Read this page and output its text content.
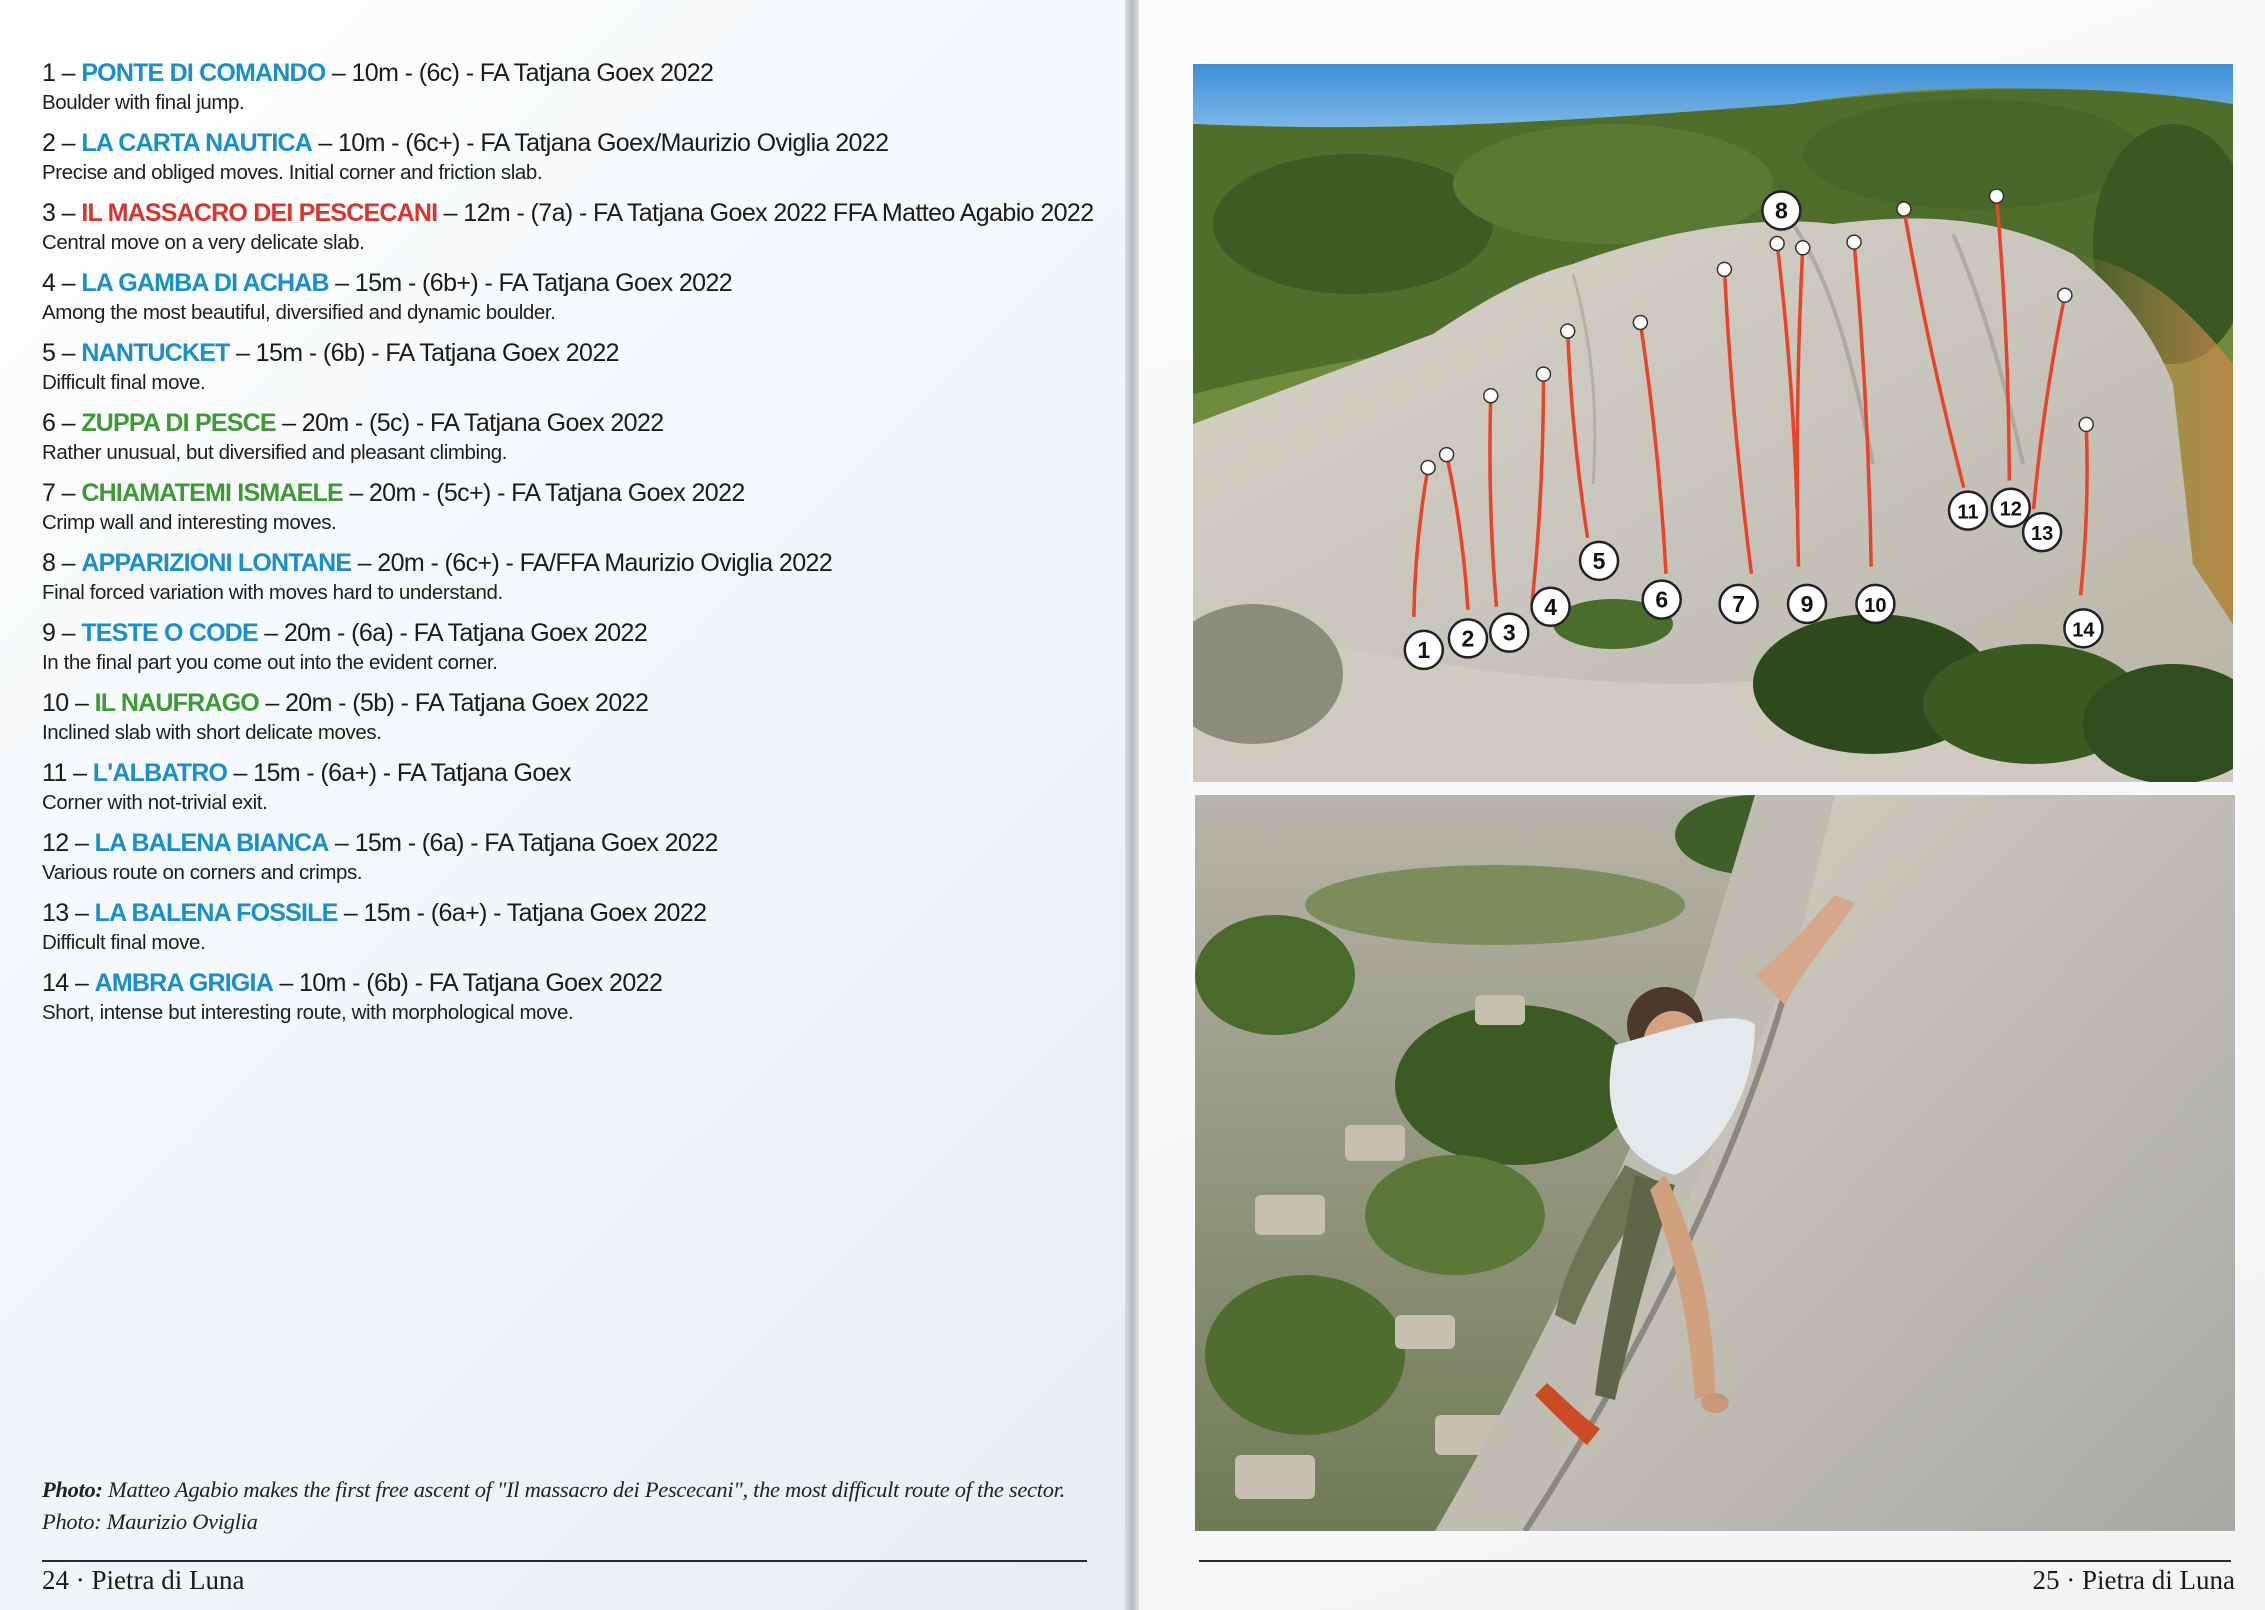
1 – PONTE DI COMANDO – 10m - (6c) - FA Tatjana Goex 2022
Boulder with final jump.
2 – LA CARTA NAUTICA – 10m - (6c+) - FA Tatjana Goex/Maurizio Oviglia 2022
Precise and obliged moves. Initial corner and friction slab.
3 – IL MASSACRO DEI PESCECANI – 12m - (7a) - FA Tatjana Goex 2022 FFA Matteo Agabio 2022
Central move on a very delicate slab.
4 – LA GAMBA DI ACHAB – 15m - (6b+) - FA Tatjana Goex 2022
Among the most beautiful, diversified and dynamic boulder.
5 – NANTUCKET – 15m - (6b) - FA Tatjana Goex 2022
Difficult final move.
6 – ZUPPA DI PESCE – 20m - (5c) - FA Tatjana Goex 2022
Rather unusual, but diversified and pleasant climbing.
7 – CHIAMATEMI ISMAELE – 20m - (5c+) - FA Tatjana Goex 2022
Crimp wall and interesting moves.
8 – APPARIZIONI LONTANE – 20m - (6c+) - FA/FFA Maurizio Oviglia 2022
Final forced variation with moves hard to understand.
9 – TESTE O CODE – 20m - (6a) - FA Tatjana Goex 2022
In the final part you come out into the evident corner.
10 – IL NAUFRAGO – 20m - (5b) - FA Tatjana Goex 2022
Inclined slab with short delicate moves.
11 – L'ALBATRO – 15m - (6a+) - FA Tatjana Goex
Corner with not-trivial exit.
12 – LA BALENA BIANCA – 15m - (6a) - FA Tatjana Goex 2022
Various route on corners and crimps.
13 – LA BALENA FOSSILE – 15m - (6a+) - Tatjana Goex 2022
Difficult final move.
14 – AMBRA GRIGIA – 10m - (6b) - FA Tatjana Goex 2022
Short, intense but interesting route, with morphological move.
Photo: Matteo Agabio makes the first free ascent of "Il massacro dei Pescecani", the most difficult route of the sector. Photo: Maurizio Oviglia
24 · Pietra di Luna
1 2 3
4
5
6	7
8
9	10
11 12
13
14
25 · Pietra di Luna
